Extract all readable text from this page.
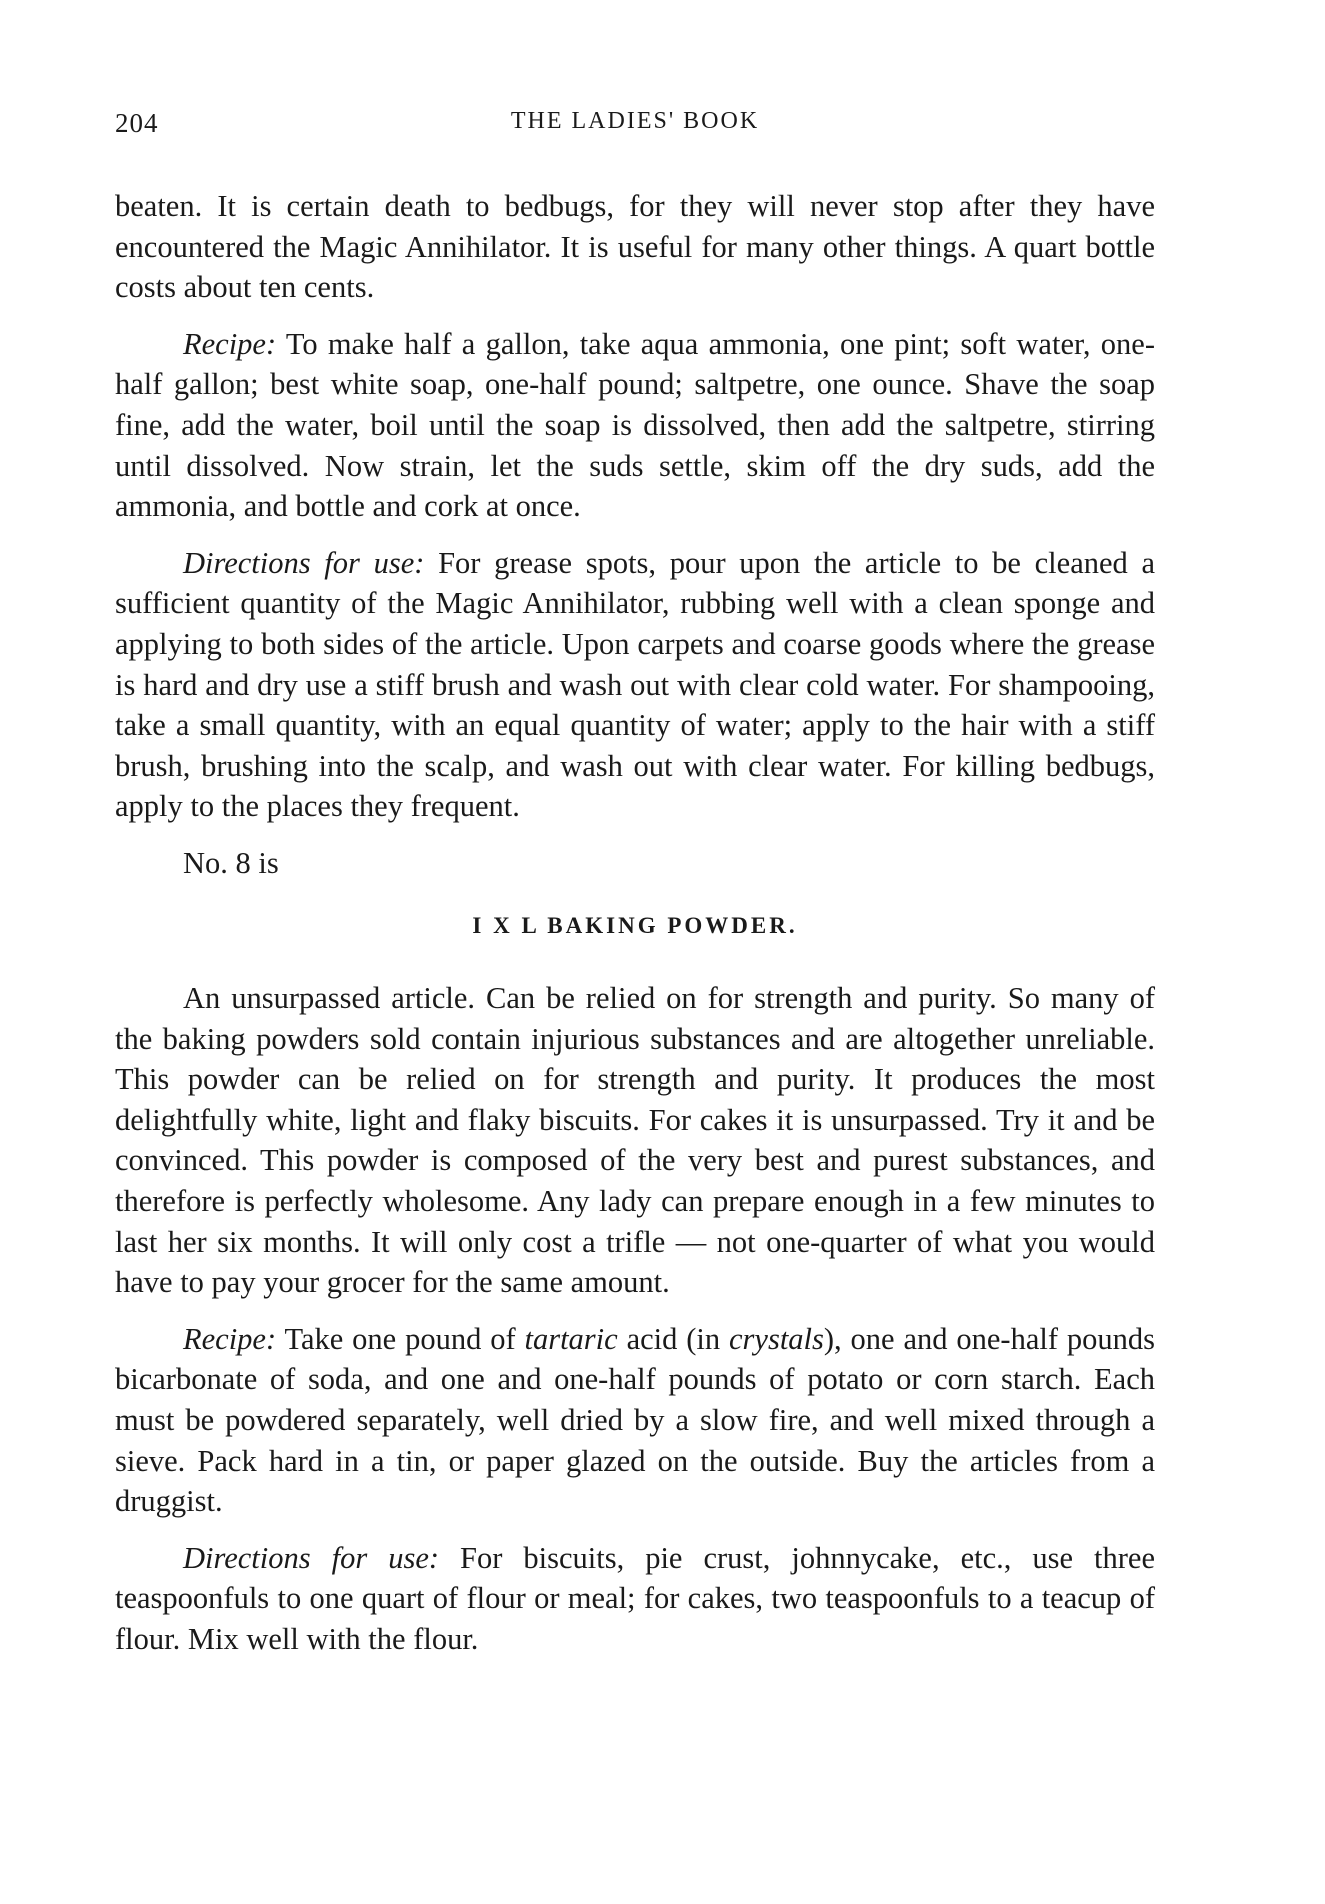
204	THE LADIES' BOOK

beaten. It is certain death to bedbugs, for they will never stop after they have encountered the Magic Annihilator. It is useful for many other things. A quart bottle costs about ten cents.

Recipe: To make half a gallon, take aqua ammonia, one pint; soft water, one-half gallon; best white soap, one-half pound; saltpetre, one ounce. Shave the soap fine, add the water, boil until the soap is dissolved, then add the saltpetre, stirring until dissolved. Now strain, let the suds settle, skim off the dry suds, add the ammonia, and bottle and cork at once.

Directions for use: For grease spots, pour upon the article to be cleaned a sufficient quantity of the Magic Annihilator, rubbing well with a clean sponge and applying to both sides of the article. Upon carpets and coarse goods where the grease is hard and dry use a stiff brush and wash out with clear cold water. For shampooing, take a small quantity, with an equal quantity of water; apply to the hair with a stiff brush, brushing into the scalp, and wash out with clear water. For killing bedbugs, apply to the places they frequent.

No. 8 is

I X L BAKING POWDER.

An unsurpassed article. Can be relied on for strength and purity. So many of the baking powders sold contain injurious substances and are altogether unreliable. This powder can be relied on for strength and purity. It produces the most delightfully white, light and flaky biscuits. For cakes it is unsurpassed. Try it and be convinced. This powder is composed of the very best and purest substances, and therefore is perfectly wholesome. Any lady can prepare enough in a few minutes to last her six months. It will only cost a trifle — not one-quarter of what you would have to pay your grocer for the same amount.

Recipe: Take one pound of tartaric acid (in crystals), one and one-half pounds bicarbonate of soda, and one and one-half pounds of potato or corn starch. Each must be powdered separately, well dried by a slow fire, and well mixed through a sieve. Pack hard in a tin, or paper glazed on the outside. Buy the articles from a druggist.

Directions for use: For biscuits, pie crust, johnnycake, etc., use three teaspoonfuls to one quart of flour or meal; for cakes, two teaspoonfuls to a teacup of flour. Mix well with the flour.
